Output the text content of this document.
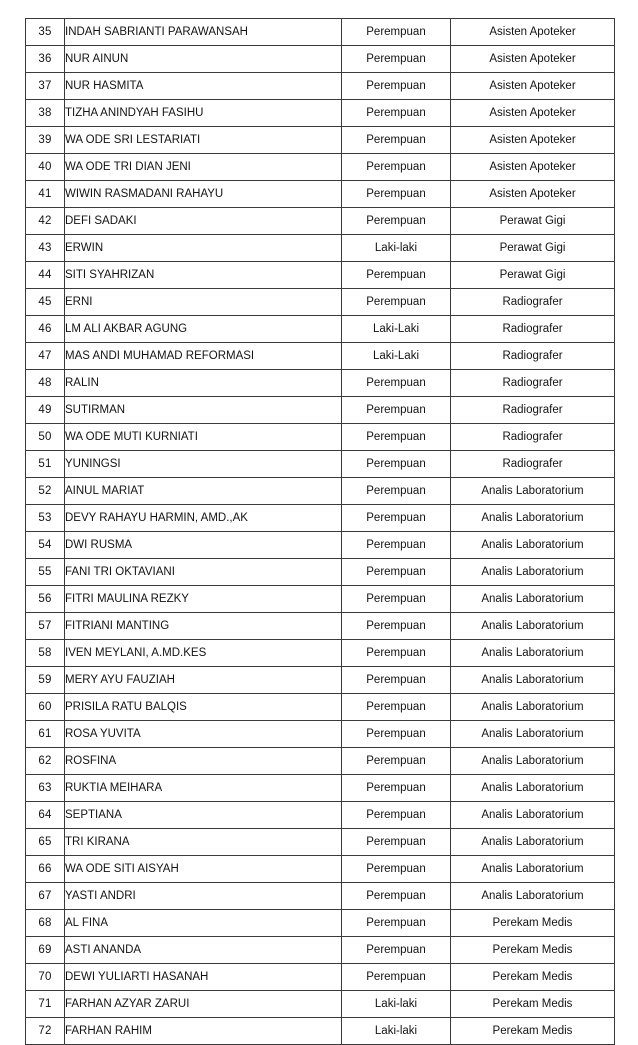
35	INDAH SABRIANTI PARAWANSAH	Perempuan	Asisten Apoteker
36	NUR AINUN	Perempuan	Asisten Apoteker
37	NUR HASMITA	Perempuan	Asisten Apoteker
38	TIZHA ANINDYAH FASIHU	Perempuan	Asisten Apoteker
39	WA ODE SRI LESTARIATI	Perempuan	Asisten Apoteker
40	WA ODE TRI DIAN JENI	Perempuan	Asisten Apoteker
41	WIWIN RASMADANI RAHAYU	Perempuan	Asisten Apoteker
42	DEFI SADAKI	Perempuan	Perawat Gigi
43	ERWIN	Laki-laki	Perawat Gigi
44	SITI SYAHRIZAN	Perempuan	Perawat Gigi
45	ERNI	Perempuan	Radiografer
46	LM ALI AKBAR AGUNG	Laki-Laki	Radiografer
47	MAS ANDI MUHAMAD REFORMASI	Laki-Laki	Radiografer
48	RALIN	Perempuan	Radiografer
49	SUTIRMAN	Perempuan	Radiografer
50	WA ODE MUTI KURNIATI	Perempuan	Radiografer
51	YUNINGSI	Perempuan	Radiografer
52	AINUL MARIAT	Perempuan	Analis Laboratorium
53	DEVY RAHAYU HARMIN, AMD.,AK	Perempuan	Analis Laboratorium
54	DWI RUSMA	Perempuan	Analis Laboratorium
55	FANI TRI OKTAVIANI	Perempuan	Analis Laboratorium
56	FITRI MAULINA REZKY	Perempuan	Analis Laboratorium
57	FITRIANI MANTING	Perempuan	Analis Laboratorium
58	IVEN MEYLANI, A.MD.KES	Perempuan	Analis Laboratorium
59	MERY AYU FAUZIAH	Perempuan	Analis Laboratorium
60	PRISILA RATU BALQIS	Perempuan	Analis Laboratorium
61	ROSA YUVITA	Perempuan	Analis Laboratorium
62	ROSFINA	Perempuan	Analis Laboratorium
63	RUKTIA MEIHARA	Perempuan	Analis Laboratorium
64	SEPTIANA	Perempuan	Analis Laboratorium
65	TRI KIRANA	Perempuan	Analis Laboratorium
66	WA ODE SITI AISYAH	Perempuan	Analis Laboratorium
67	YASTI ANDRI	Perempuan	Analis Laboratorium
68	AL FINA	Perempuan	Perekam Medis
69	ASTI ANANDA	Perempuan	Perekam Medis
70	DEWI YULIARTI HASANAH	Perempuan	Perekam Medis
71	FARHAN AZYAR ZARUI	Laki-laki	Perekam Medis
72	FARHAN RAHIM	Laki-laki	Perekam Medis
